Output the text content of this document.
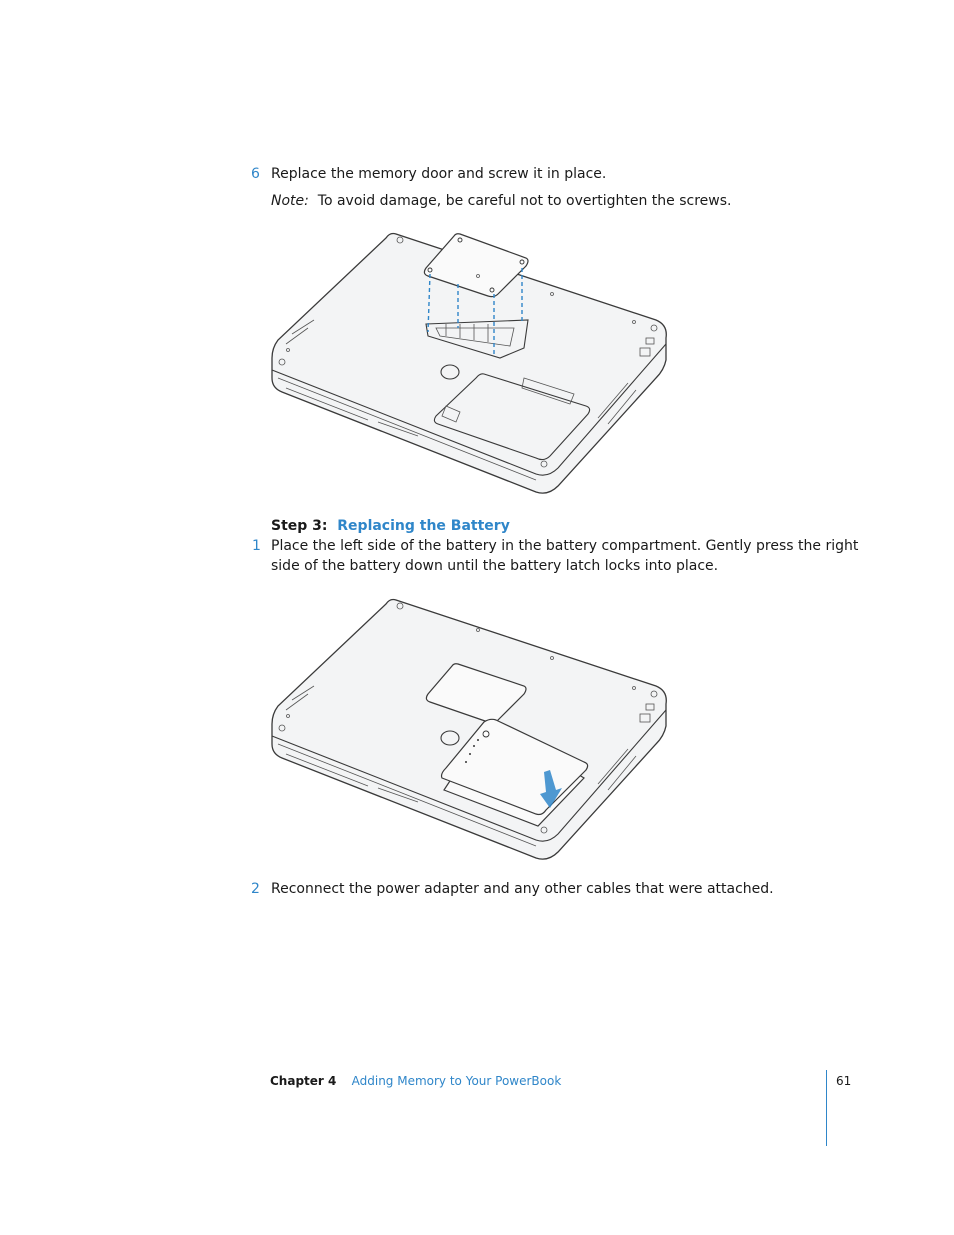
6 Replace the memory door and screw it in place.
Note: To avoid damage, be careful not to overtighten the screws.
Step 3: Replacing the Battery
1 Place the left side of the battery in the battery compartment. Gently press the right
side of the battery down until the battery latch locks into place.
2 Reconnect the power adapter and any other cables that were attached.
Chapter 4 Adding Memory to Your PowerBook	61
